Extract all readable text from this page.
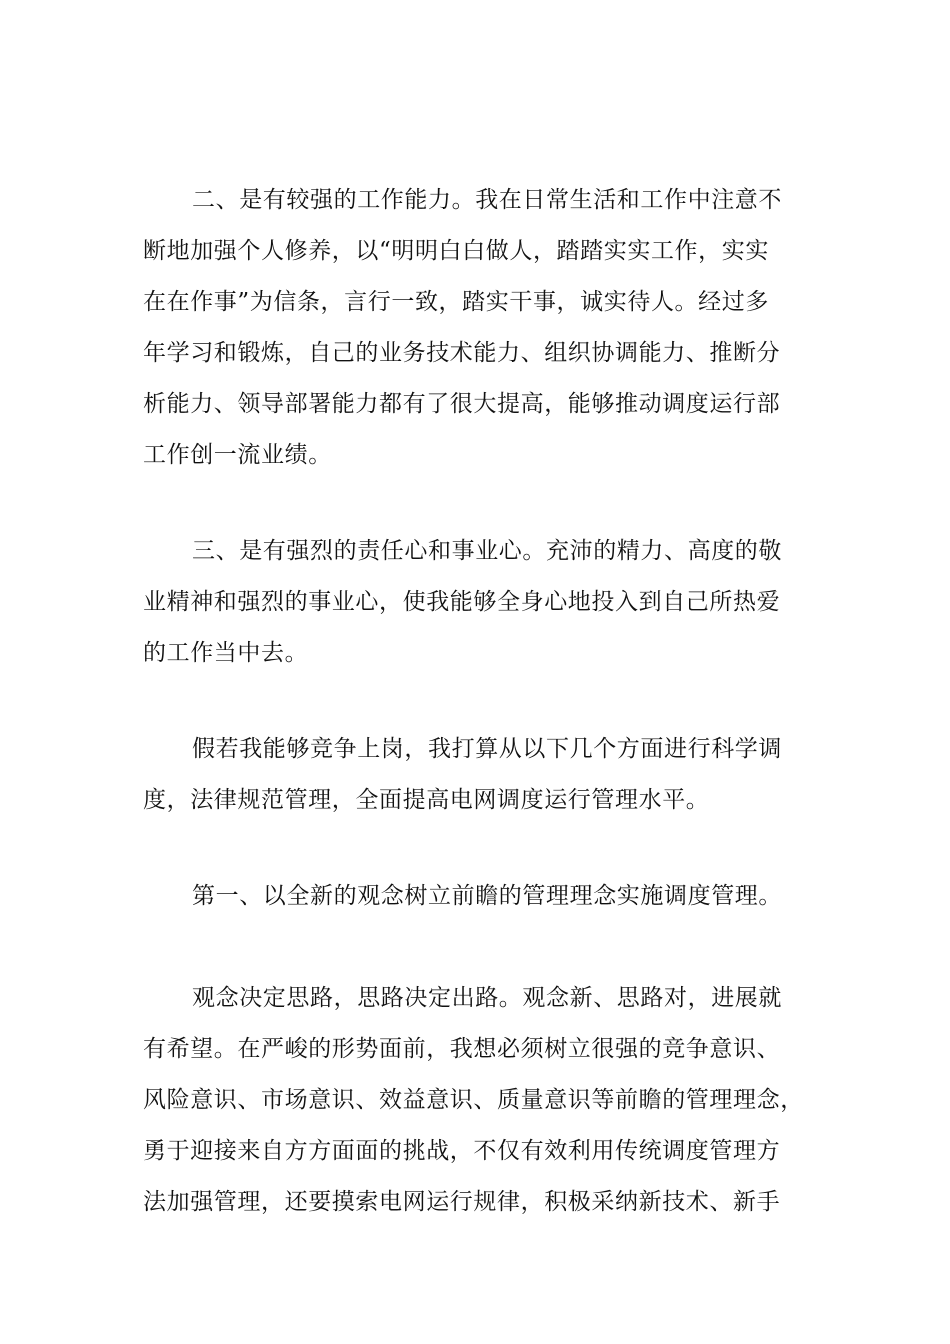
二、是有较强的工作能力。我在日常生活和工作中注意不
断地加强个人修养，以“明明白白做人，踏踏实实工作，实实
在在作事”为信条，言行一致，踏实干事，诚实待人。经过多
年学习和锻炼，自己的业务技术能力、组织协调能力、推断分
析能力、领导部署能力都有了很大提高，能够推动调度运行部
工作创一流业绩。
三、是有强烈的责任心和事业心。充沛的精力、高度的敬
业精神和强烈的事业心，使我能够全身心地投入到自己所热爱
的工作当中去。
假若我能够竞争上岗，我打算从以下几个方面进行科学调
度，法律规范管理，全面提高电网调度运行管理水平。
第一、以全新的观念树立前瞻的管理理念实施调度管理。
观念决定思路，思路决定出路。观念新、思路对，进展就
有希望。在严峻的形势面前，我想必须树立很强的竞争意识、
风险意识、市场意识、效益意识、质量意识等前瞻的管理理念，
勇于迎接来自方方面面的挑战，不仅有效利用传统调度管理方
法加强管理，还要摸索电网运行规律，积极采纳新技术、新手
